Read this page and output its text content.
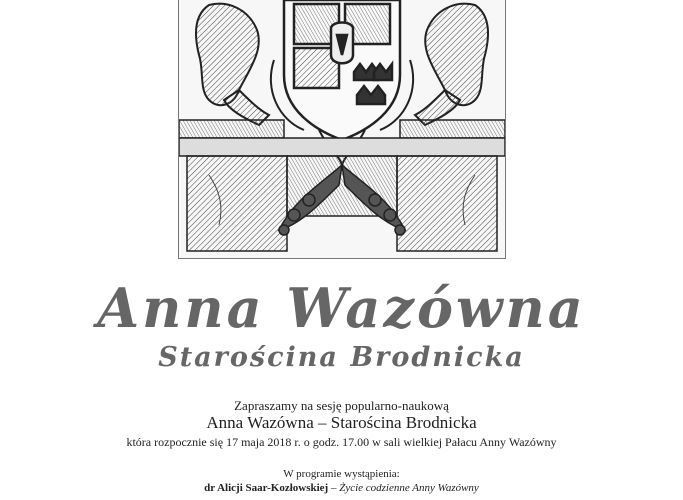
Anna Wazówna
Starościna Brodnicka
Zapraszamy na sesję popularno-naukową
Anna Wazówna – Starościna Brodnicka
która rozpocznie się 17 maja 2018 r. o godz. 17.00 w sali wielkiej Pałacu Anny Wazówny
W programie wystąpienia:
dr Alicji Saar-Kozłowskiej – Życie codzienne Anny Wazówny
